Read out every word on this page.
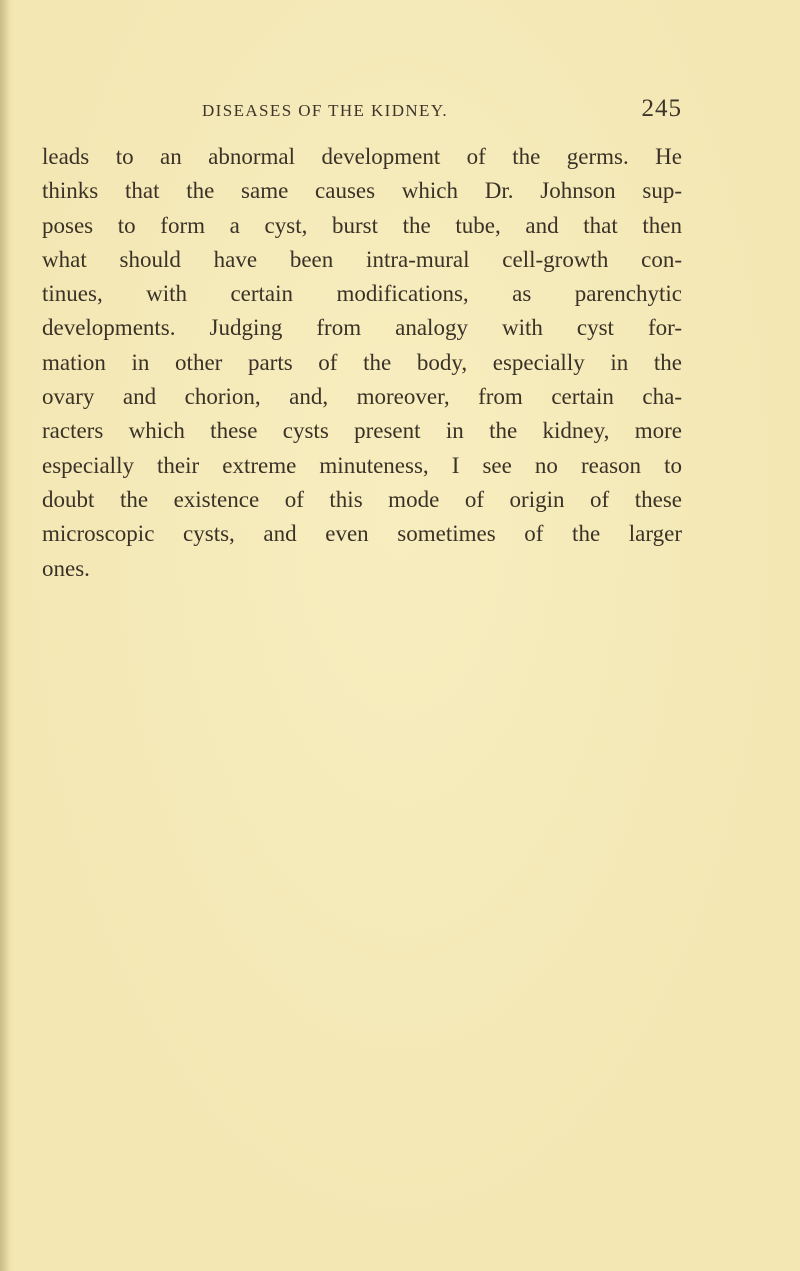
DISEASES OF THE KIDNEY.	245
leads to an abnormal development of the germs. He
thinks that the same causes which Dr. Johnson sup-
poses to form a cyst, burst the tube, and that then
what should have been intra-mural cell-growth con-
tinues, with certain modifications, as parenchytic
developments. Judging from analogy with cyst for-
mation in other parts of the body, especially in the
ovary and chorion, and, moreover, from certain cha-
racters which these cysts present in the kidney, more
especially their extreme minuteness, I see no reason to
doubt the existence of this mode of origin of these
microscopic cysts, and even sometimes of the larger
ones.
